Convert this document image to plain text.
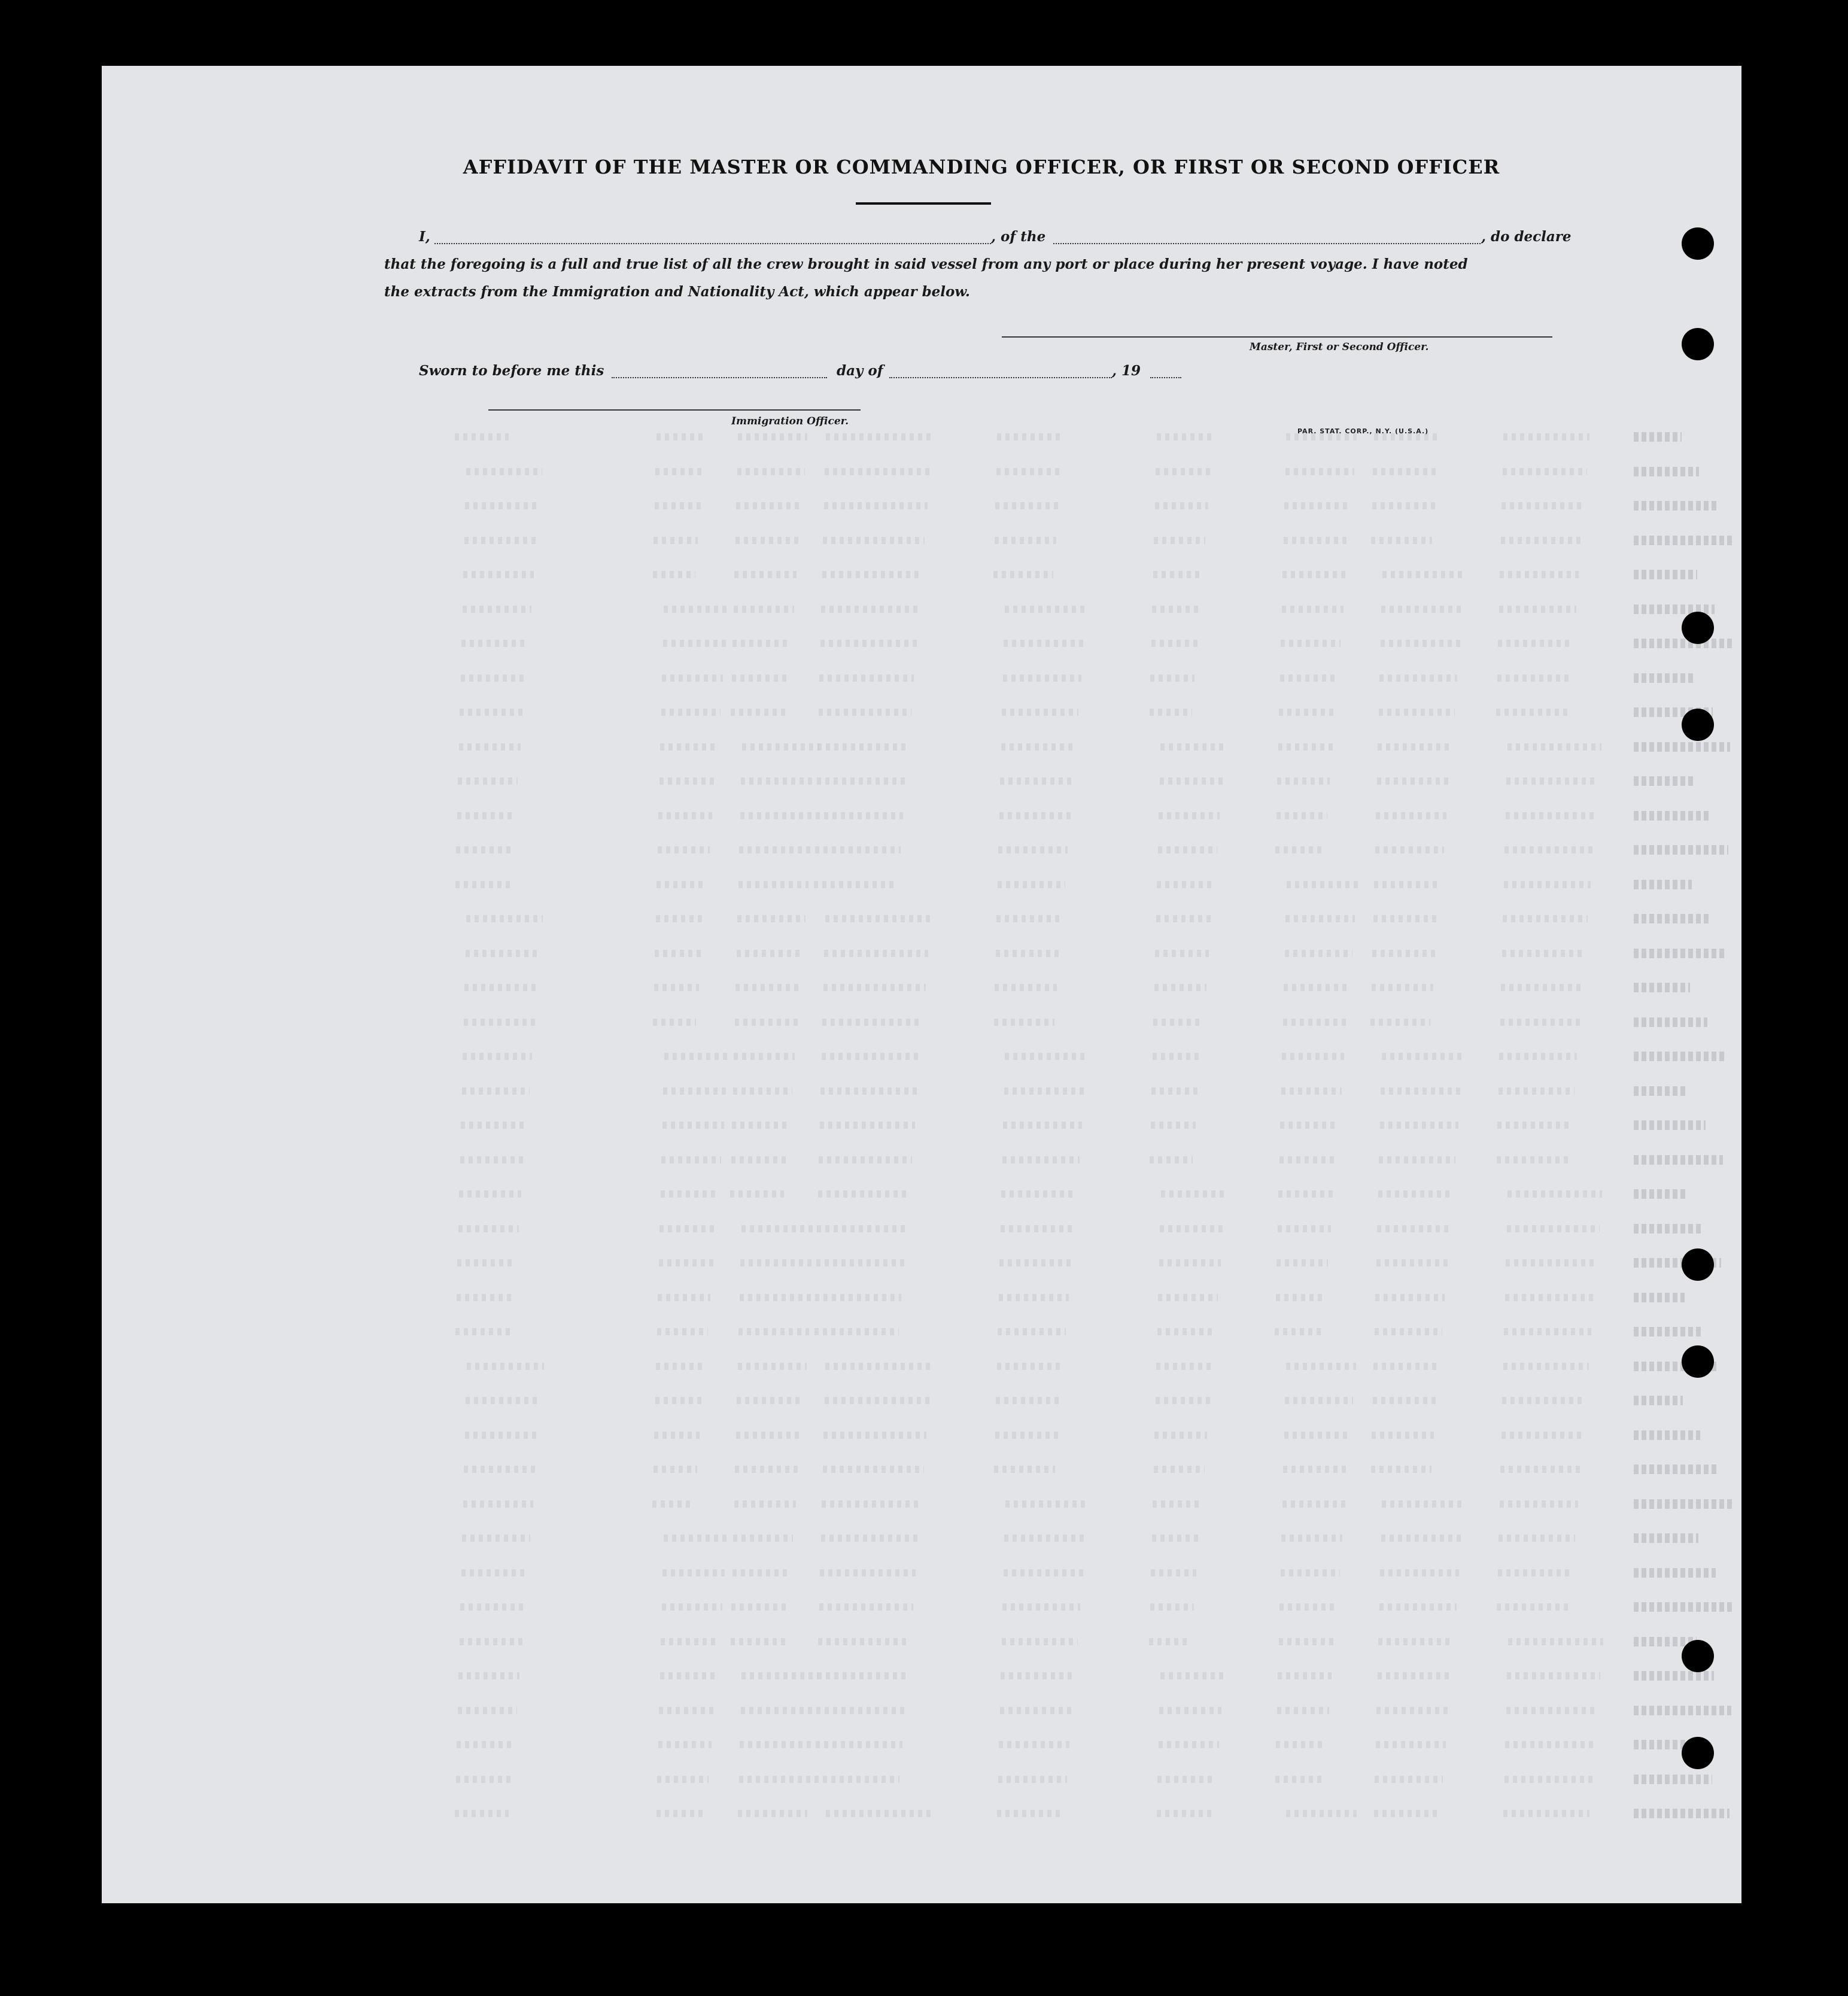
AFFIDAVIT OF THE MASTER OR COMMANDING OFFICER, OR FIRST OR SECOND OFFICER
I,	, of the	, do declare
that the foregoing is a full and true list of all the crew brought in said vessel from any port or place during her present voyage. I have noted
the extracts from the Immigration and Nationality Act, which appear below.
Master, First or Second Officer.
Sworn to before me this	day of	, 19
Immigration Officer.
PAR. STAT. CORP., N.Y. (U.S.A.)
